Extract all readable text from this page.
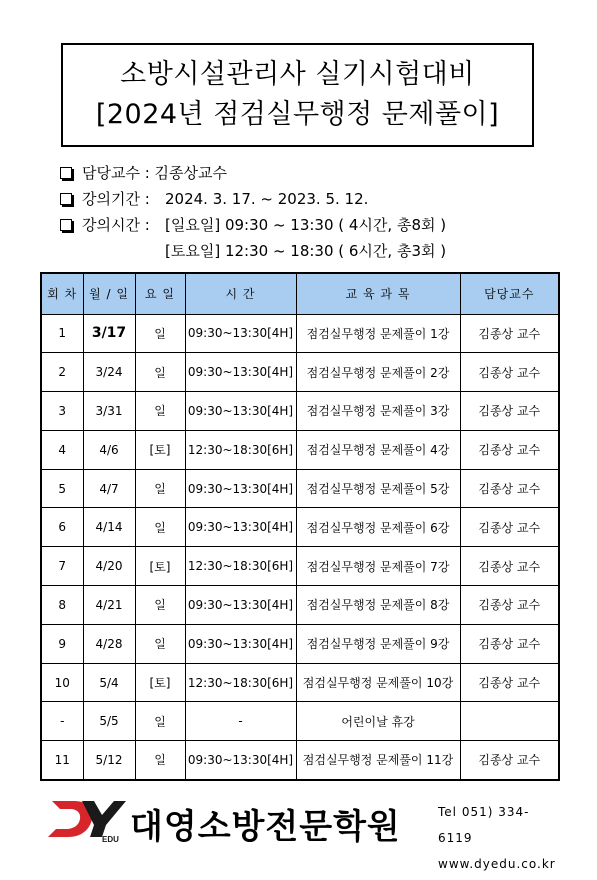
소방시설관리사 실기시험대비
[2024년 점검실무행정 문제풀이]
담당교수 : 김종상교수
강의기간 : 2024. 3. 17. ~ 2023. 5. 12.
강의시간 : [일요일] 09:30 ~ 13:30 ( 4시간, 총8회 )
[토요일] 12:30 ~ 18:30 ( 6시간, 총3회 )
회 차	월 / 일	요 일	시 간	교 육 과 목	담당교수
1	3/17	일	09:30~13:30[4H]	점검실무행정 문제풀이 1강	김종상 교수
2	3/24	일	09:30~13:30[4H]	점검실무행정 문제풀이 2강	김종상 교수
3	3/31	일	09:30~13:30[4H]	점검실무행정 문제풀이 3강	김종상 교수
4	4/6	[토]	12:30~18:30[6H]	점검실무행정 문제풀이 4강	김종상 교수
5	4/7	일	09:30~13:30[4H]	점검실무행정 문제풀이 5강	김종상 교수
6	4/14	일	09:30~13:30[4H]	점검실무행정 문제풀이 6강	김종상 교수
7	4/20	[토]	12:30~18:30[6H]	점검실무행정 문제풀이 7강	김종상 교수
8	4/21	일	09:30~13:30[4H]	점검실무행정 문제풀이 8강	김종상 교수
9	4/28	일	09:30~13:30[4H]	점검실무행정 문제풀이 9강	김종상 교수
10	5/4	[토]	12:30~18:30[6H]	점검실무행정 문제풀이 10강	김종상 교수
-	5/5	일	-	어린이날 휴강	
11	5/12	일	09:30~13:30[4H]	점검실무행정 문제풀이 11강	김종상 교수
EDU 대영소방전문학원	Tel 051) 334-6119
www.dyedu.co.kr
